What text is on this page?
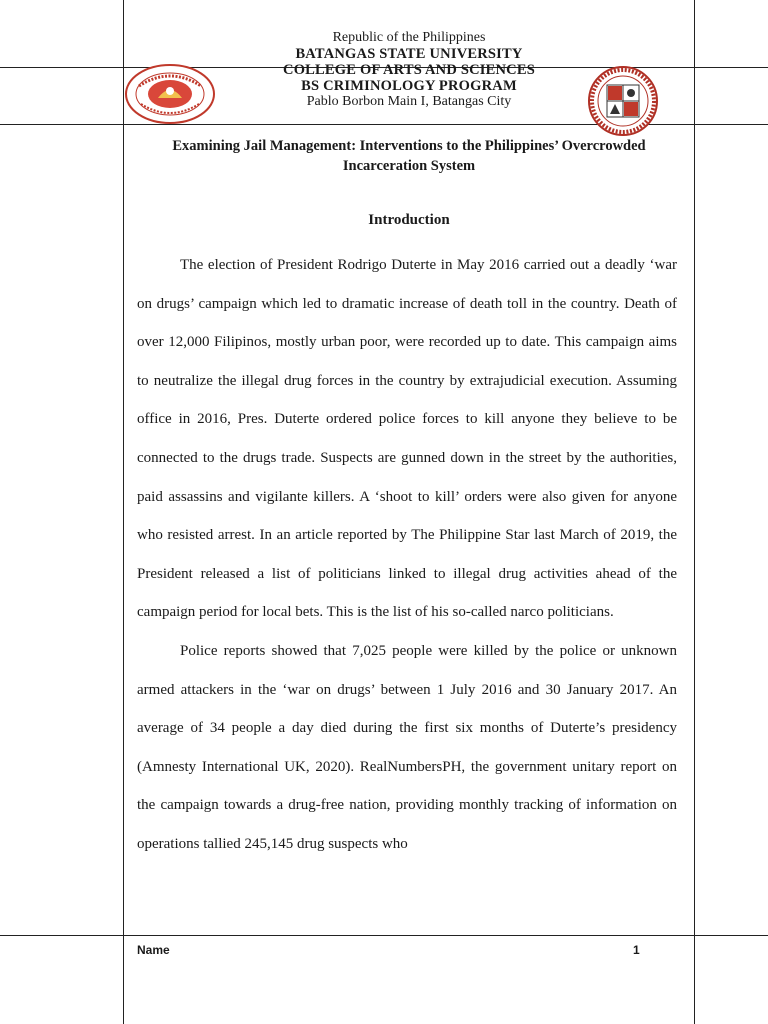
Republic of the Philippines
BATANGAS STATE UNIVERSITY
COLLEGE OF ARTS AND SCIENCES
BS CRIMINOLOGY PROGRAM
Pablo Borbon Main I, Batangas City
Examining Jail Management: Interventions to the Philippines’ Overcrowded
Incarceration System
Introduction

The election of President Rodrigo Duterte in May 2016 carried out a deadly ‘war on drugs’ campaign which led to dramatic increase of death toll in the country. Death of over 12,000 Filipinos, mostly urban poor, were recorded up to date. This campaign aims to neutralize the illegal drug forces in the country by extrajudicial execution. Assuming office in 2016, Pres. Duterte ordered police forces to kill anyone they believe to be connected to the drugs trade. Suspects are gunned down in the street by the authorities, paid assassins and vigilante killers. A ‘shoot to kill’ orders were also given for anyone who resisted arrest. In an article reported by The Philippine Star last March of 2019, the President released a list of politicians linked to illegal drug activities ahead of the campaign period for local bets. This is the list of his so-called narco politicians.

Police reports showed that 7,025 people were killed by the police or unknown armed attackers in the ‘war on drugs’ between 1 July 2016 and 30 January 2017. An average of 34 people a day died during the first six months of Duterte’s presidency (Amnesty International UK, 2020). RealNumbersPH, the government unitary report on the campaign towards a drug-free nation, providing monthly tracking of information on operations tallied 245,145 drug suspects who

Name	1
